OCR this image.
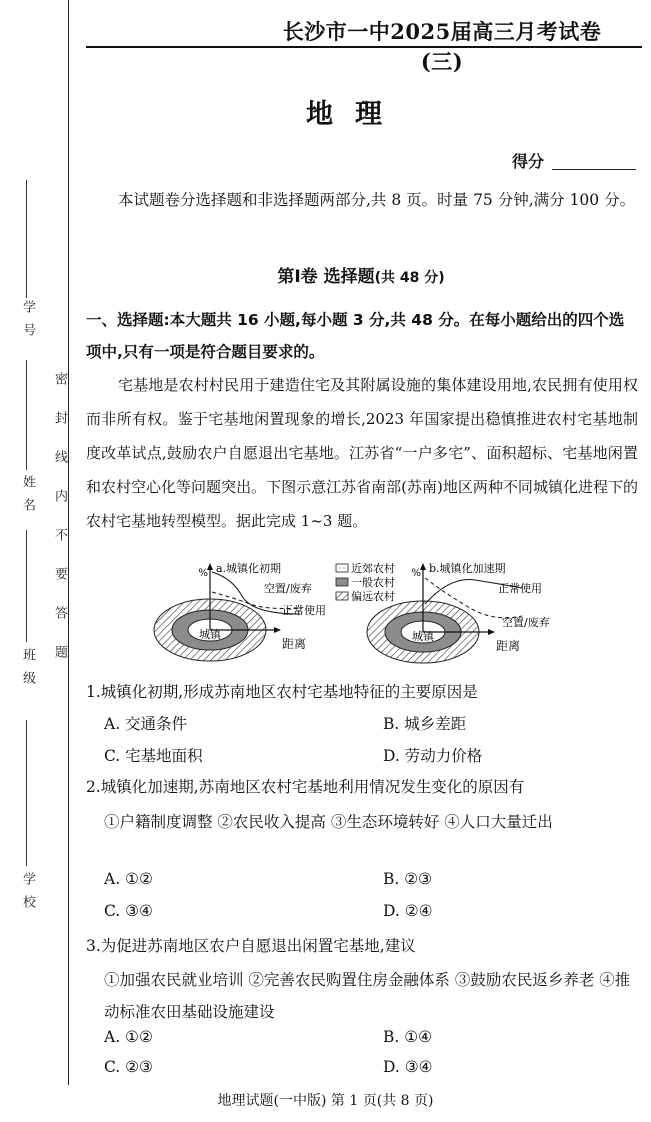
学号
姓名
班级
学校
密封线内不要答题
长沙市一中2025届高三月考试卷(三)
地理
得分
本试题卷分选择题和非选择题两部分,共 8 页。时量 75 分钟,满分 100 分。
第Ⅰ卷 选择题(共 48 分)
一、选择题:本大题共 16 小题,每小题 3 分,共 48 分。在每小题给出的四个选项中,只有一项是符合题目要求的。
宅基地是农村村民用于建造住宅及其附属设施的集体建设用地,农民拥有使用权而非所有权。鉴于宅基地闲置现象的增长,2023 年国家提出稳慎推进农村宅基地制度改革试点,鼓励农户自愿退出宅基地。江苏省“一户多宅”、面积超标、宅基地闲置和农村空心化等问题突出。下图示意江苏省南部(苏南)地区两种不同城镇化进程下的农村宅基地转型模型。据此完成 1~3 题。
% a.城镇化初期
空置/废弃
正常使用
城镇
距离
近郊农村
一般农村
偏远农村
% b.城镇化加速期
正常使用
空置/废弃
城镇
距离
1.城镇化初期,形成苏南地区农村宅基地特征的主要原因是
A. 交通条件	B. 城乡差距
C. 宅基地面积	D. 劳动力价格
2.城镇化加速期,苏南地区农村宅基地利用情况发生变化的原因有
①户籍制度调整 ②农民收入提高 ③生态环境转好 ④人口大量迁出
A. ①②	B. ②③
C. ③④	D. ②④
3.为促进苏南地区农户自愿退出闲置宅基地,建议
①加强农民就业培训 ②完善农民购置住房金融体系 ③鼓励农民返乡养老 ④推动标准农田基础设施建设
A. ①②	B. ①④
C. ②③	D. ③④
地理试题(一中版) 第 1 页(共 8 页)
